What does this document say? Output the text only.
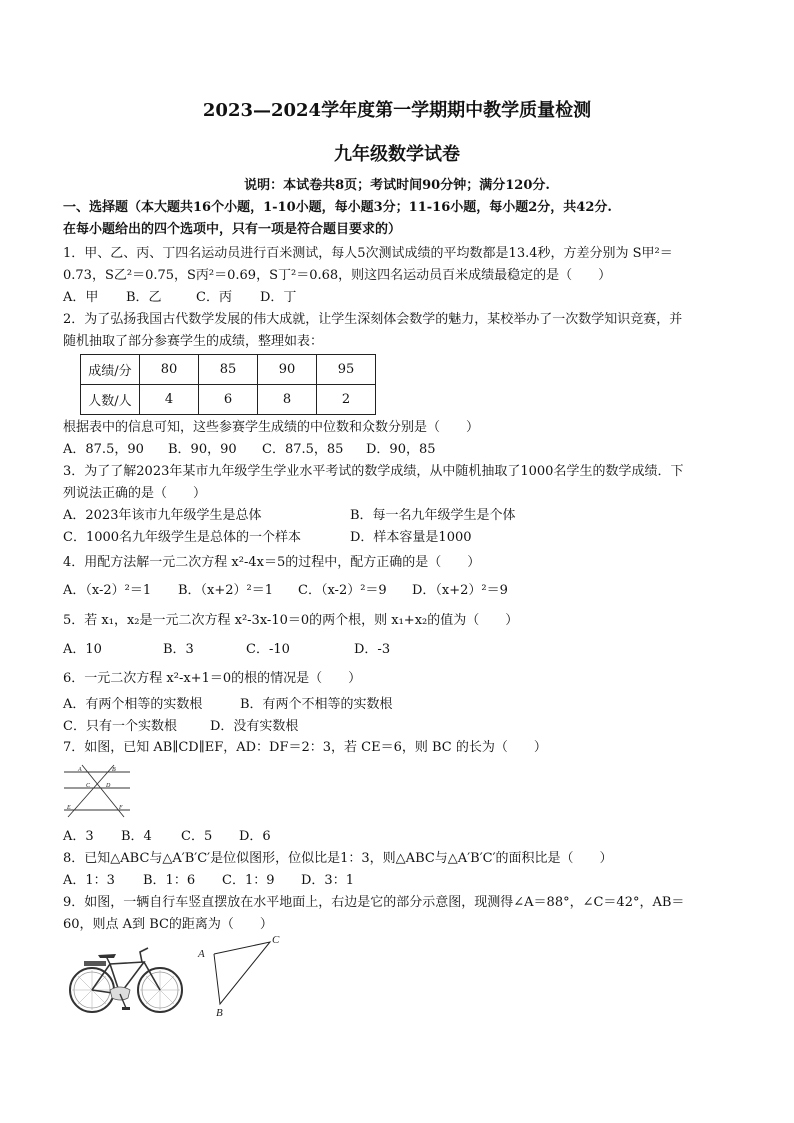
2023—2024学年度第一学期期中教学质量检测
九年级数学试卷
说明：本试卷共8页；考试时间90分钟；满分120分.
一、选择题（本大题共16个小题，1-10小题，每小题3分；11-16小题，每小题2分，共42分.
在每小题给出的四个选项中，只有一项是符合题目要求的）
1．甲、乙、丙、丁四名运动员进行百米测试，每人5次测试成绩的平均数都是13.4秒，方差分别为 S甲²＝
0.73，S乙²＝0.75，S丙²＝0.69，S丁²＝0.68，则这四名运动员百米成绩最稳定的是（　　）
A．甲 B．乙	C．丙 D．丁
2．为了弘扬我国古代数学发展的伟大成就，让学生深刻体会数学的魅力，某校举办了一次数学知识竞赛，并
随机抽取了部分参赛学生的成绩，整理如表：
成绩/分	80	85	90	95
人数/人	4	6	8	2
根据表中的信息可知，这些参赛学生成绩的中位数和众数分别是（　　）
A．87.5，90 B．90，90 C．87.5，85 D．90，85
3．为了了解2023年某市九年级学生学业水平考试的数学成绩，从中随机抽取了1000名学生的数学成绩．下
列说法正确的是（　　）
A．2023年该市九年级学生是总体	B．每一名九年级学生是个体
C．1000名九年级学生是总体的一个样本	D．样本容量是1000
4．用配方法解一元二次方程 x²-4x＝5的过程中，配方正确的是（　　）
A．（x-2）²＝1 B．（x+2）²＝1 C．（x-2）²＝9 D．（x+2）²＝9
5．若 x₁，x₂是一元二次方程 x²-3x-10＝0的两个根，则 x₁+x₂的值为（　　）
A．10	B．3	C．-10	D．-3
6．一元二次方程 x²-x+1＝0的根的情况是（　　）
A．有两个相等的实数根	B．有两个不相等的实数根
C．只有一个实数根	D．没有实数根
7．如图，已知 AB∥CD∥EF，AD：DF＝2：3，若 CE＝6，则 BC 的长为（　　）
A	B
C	D
E	F
A．3 B．4 C．5 D．6
8．已知△ABC与△A′B′C′是位似图形，位似比是1：3，则△ABC与△A′B′C′的面积比是（　　）
A．1：3 B．1：6 C．1：9 D．3：1
9．如图，一辆自行车竖直摆放在水平地面上，右边是它的部分示意图，现测得∠A＝88°，∠C＝42°，AB＝
60，则点 A到 BC的距离为（　　）
A
B
C
